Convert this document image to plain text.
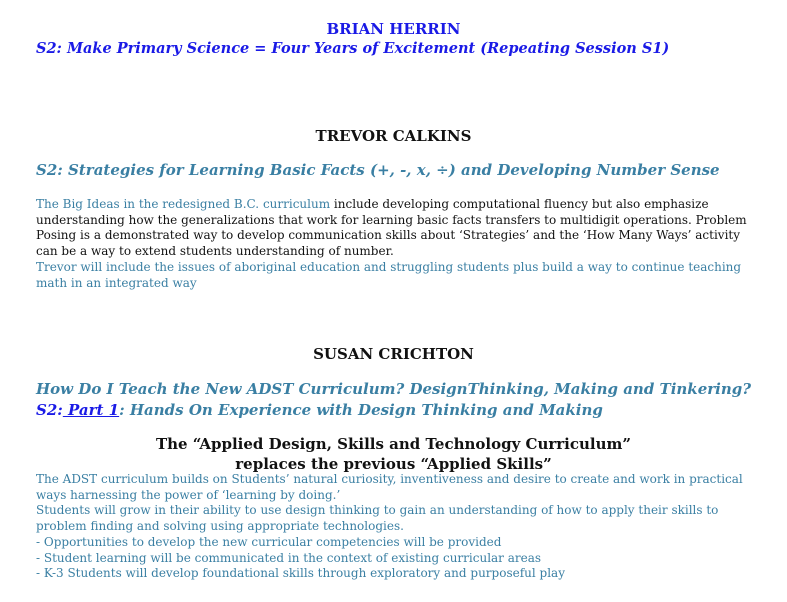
BRIAN HERRIN
S2: Make Primary Science = Four Years of Excitement (Repeating Session S1)
TREVOR CALKINS
S2: Strategies for Learning Basic Facts (+, -, x, ÷) and Developing Number Sense

The Big Ideas in the redesigned B.C. curriculum include developing computational fluency but also emphasize understanding how the generalizations that work for learning basic facts transfers to multidigit operations. Problem Posing is a demonstrated way to develop communication skills about ‘Strategies’ and the ‘How Many Ways’ activity can be a way to extend students understanding of number.

Trevor will include the issues of aboriginal education and struggling students plus build a way to continue teaching math in an integrated way

SUSAN CRICHTON
How Do I Teach the New ADST Curriculum? DesignThinking, Making and Tinkering?
S2: Part 1: Hands On Experience with Design Thinking and Making
The “Applied Design, Skills and Technology Curriculum”
replaces the previous “Applied Skills”

The ADST curriculum builds on Students’ natural curiosity, inventiveness and desire to create and work in practical ways harnessing the power of ‘learning by doing.’

Students will grow in their ability to use design thinking to gain an understanding of how to apply their skills to problem finding and solving using appropriate technologies.

- Opportunities to develop the new curricular competencies will be provided

- Student learning will be communicated in the context of existing curricular areas

- K-3 Students will develop foundational skills through exploratory and purposeful play
